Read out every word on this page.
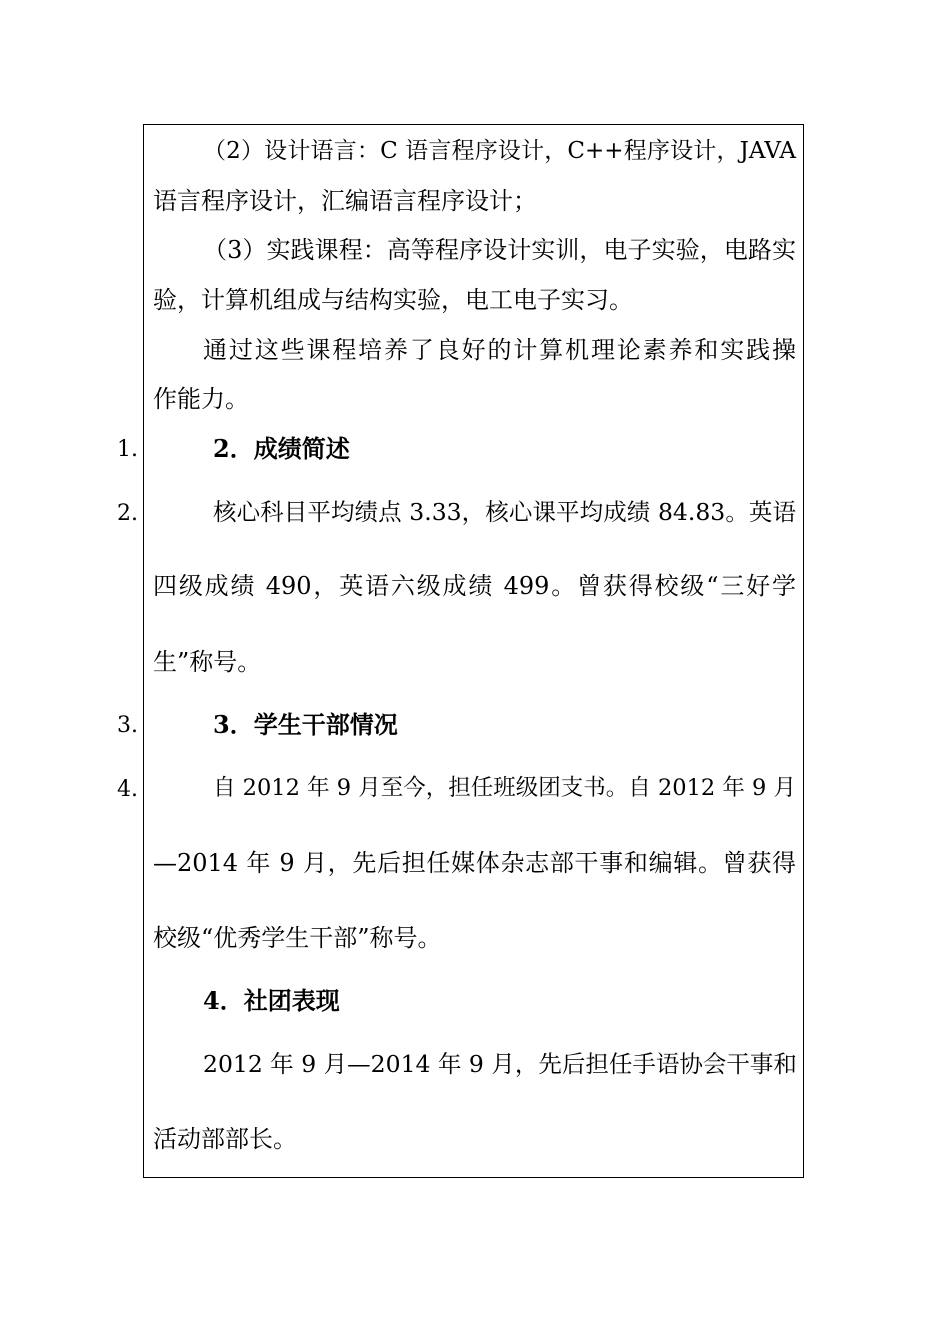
（2）设计语言：C 语言程序设计，C++程序设计，JAVA
语言程序设计，汇编语言程序设计；
（3）实践课程：高等程序设计实训，电子实验，电路实
验，计算机组成与结构实验，电工电子实习。
通过这些课程培养了良好的计算机理论素养和实践操
作能力。
1.	2．成绩简述
2.	核心科目平均绩点 3.33，核心课平均成绩 84.83。英语
四级成绩 490，英语六级成绩 499。曾获得校级“三好学
生”称号。
3.	3．学生干部情况
4.	自 2012 年 9 月至今，担任班级团支书。自 2012 年 9 月
—2014 年 9 月，先后担任媒体杂志部干事和编辑。曾获得
校级“优秀学生干部”称号。
4．社团表现
2012 年 9 月—2014 年 9 月，先后担任手语协会干事和
活动部部长。
